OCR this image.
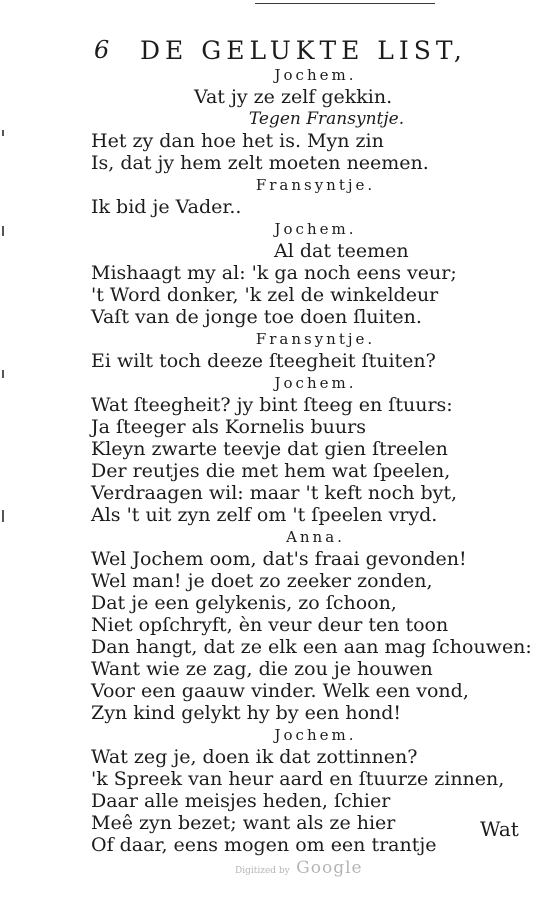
6 DE GELUKTE LIST,
Jochem.
Vat jy ze zelf gekkin.
Tegen Fransyntje.
Het zy dan hoe het is. Myn zin
Is, dat jy hem zelt moeten neemen.
Fransyntje.
Ik bid je Vader..
Jochem.
Al dat teemen
Mishaagt my al: 'k ga noch eens veur;
't Word donker, 'k zel de winkeldeur
Vaſt van de jonge toe doen ſluiten.
Fransyntje.
Ei wilt toch deeze ſteegheit ſtuiten?
Jochem.
Wat ſteegheit? jy bint ſteeg en ſtuurs:
Ja ſteeger als Kornelis buurs
Kleyn zwarte teevje dat gien ſtreelen
Der reutjes die met hem wat ſpeelen,
Verdraagen wil: maar 't keft noch byt,
Als 't uit zyn zelf om 't ſpeelen vryd.
Anna.
Wel Jochem oom, dat's fraai gevonden!
Wel man! je doet zo zeeker zonden,
Dat je een gelykenis, zo ſchoon,
Niet opſchryft, èn veur deur ten toon
Dan hangt, dat ze elk een aan mag ſchouwen:
Want wie ze zag, die zou je houwen
Voor een gaauw vinder. Welk een vond,
Zyn kind gelykt hy by een hond!
Jochem.
Wat zeg je, doen ik dat zottinnen?
'k Spreek van heur aard en ſtuurze zinnen,
Daar alle meisjes heden, ſchier
Meê zyn bezet; want als ze hier
Of daar, eens mogen om een trantje
Wat
Digitized by Google
